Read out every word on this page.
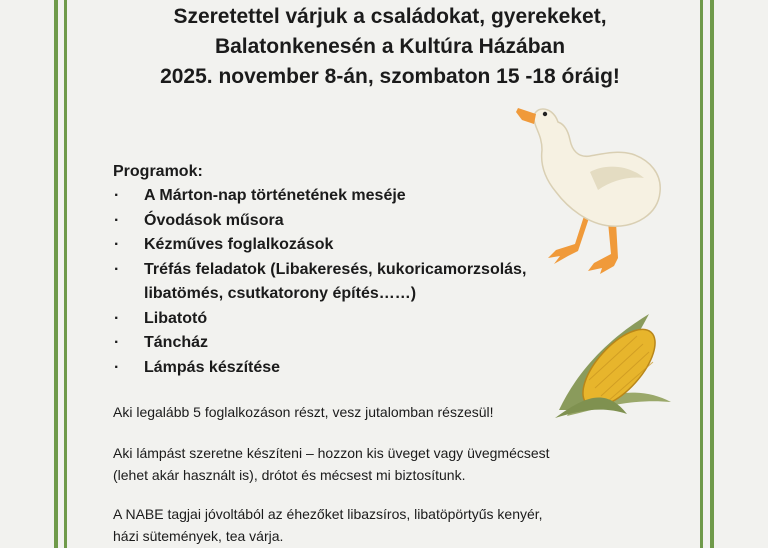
Szeretettel várjuk a családokat, gyerekeket,
Balatonkenesén a Kultúra Házában
2025. november 8-án, szombaton 15 -18 óráig!

Programok:

· A Márton-nap történetének meséje
· Óvodások műsora
· Kézműves foglalkozások
· Tréfás feladatok (Libakeresés, kukoricamorzsolás,
libatömés, csutkatorony építés……)
· Libatotó
· Táncház
· Lámpás készítése

Aki legalább 5 foglalkozáson részt, vesz jutalomban részesül!

Aki lámpást szeretne készíteni – hozzon kis üveget vagy üvegmécsest
(lehet akár használt is), drótot és mécsest mi biztosítunk.

A NABE tagjai jóvoltából az éhezőket libazsíros, libatöpörtyűs kenyér,
házi sütemények, tea várja.
